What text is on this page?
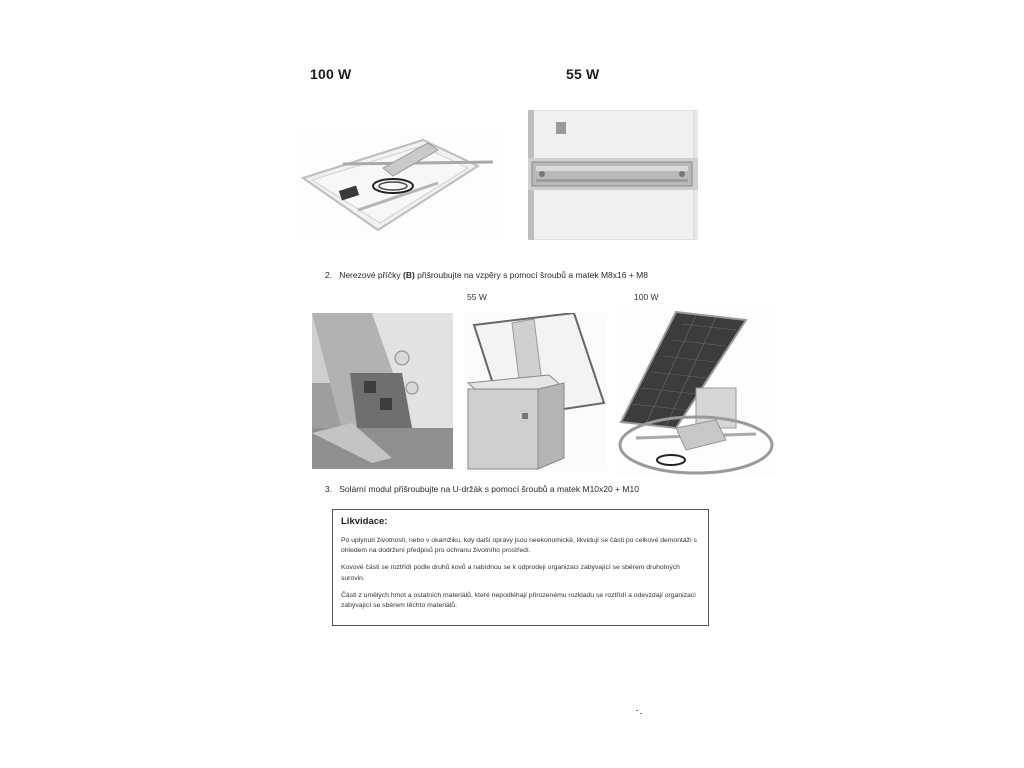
100 W	55 W
2. Nerezové příčky (B) přišroubujte na vzpěry s pomocí šroubů a matek M8x16 + M8
55 W	100 W
3. Solární modul přišroubujte na U-držák s pomocí šroubů a matek M10x20 + M10
Likvidace:

Po uplynutí životnosti, nebo v okamžiku, kdy další opravy jsou neekonomické, likvidují se části po celkové demontáži s ohledem na dodržení předpisů pro ochranu životního prostředí.

Kovové části se roztřídí podle druhů kovů a nabídnou se k odprodeji organizaci zabývající se sběrem druhotných surovin.

Části z umělých hmot a ostatních materiálů, které nepodléhají přirozenému rozkladu se roztřídí a odevzdají organizaci zabývající se sběrem těchto materiálů.
